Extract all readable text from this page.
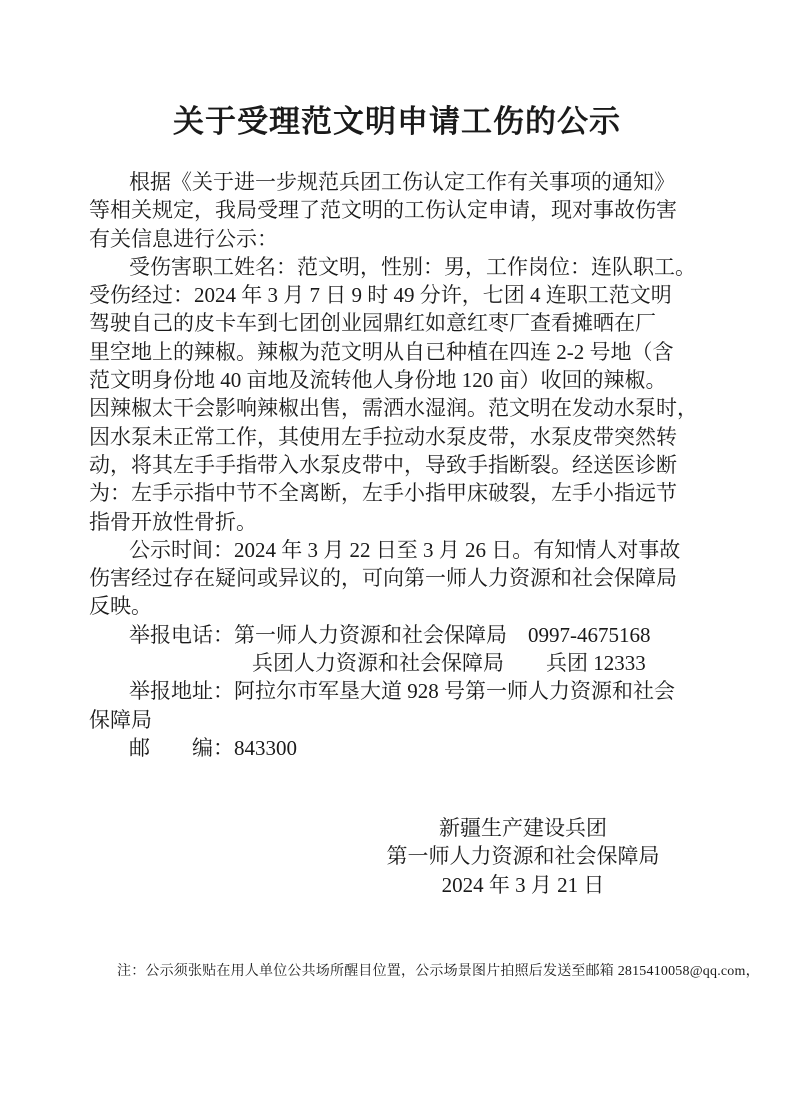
关于受理范文明申请工伤的公示
根据《关于进一步规范兵团工伤认定工作有关事项的通知》
等相关规定，我局受理了范文明的工伤认定申请，现对事故伤害
有关信息进行公示：
受伤害职工姓名：范文明，性别：男，工作岗位：连队职工。
受伤经过：2024 年 3 月 7 日 9 时 49 分许，七团 4 连职工范文明
驾驶自己的皮卡车到七团创业园鼎红如意红枣厂查看摊晒在厂
里空地上的辣椒。辣椒为范文明从自已种植在四连 2-2 号地（含
范文明身份地 40 亩地及流转他人身份地 120 亩）收回的辣椒。
因辣椒太干会影响辣椒出售，需洒水湿润。范文明在发动水泵时，
因水泵未正常工作，其使用左手拉动水泵皮带，水泵皮带突然转
动，将其左手手指带入水泵皮带中，导致手指断裂。经送医诊断
为：左手示指中节不全离断，左手小指甲床破裂，左手小指远节
指骨开放性骨折。
公示时间：2024 年 3 月 22 日至 3 月 26 日。有知情人对事故
伤害经过存在疑问或异议的，可向第一师人力资源和社会保障局
反映。
举报电话：第一师人力资源和社会保障局　0997-4675168
兵团人力资源和社会保障局　　兵团 12333
举报地址：阿拉尔市军垦大道 928 号第一师人力资源和社会
保障局
邮　　编：843300
新疆生产建设兵团
第一师人力资源和社会保障局
2024 年 3 月 21 日
注：公示须张贴在用人单位公共场所醒目位置，公示场景图片拍照后发送至邮箱 2815410058@qq.com，
